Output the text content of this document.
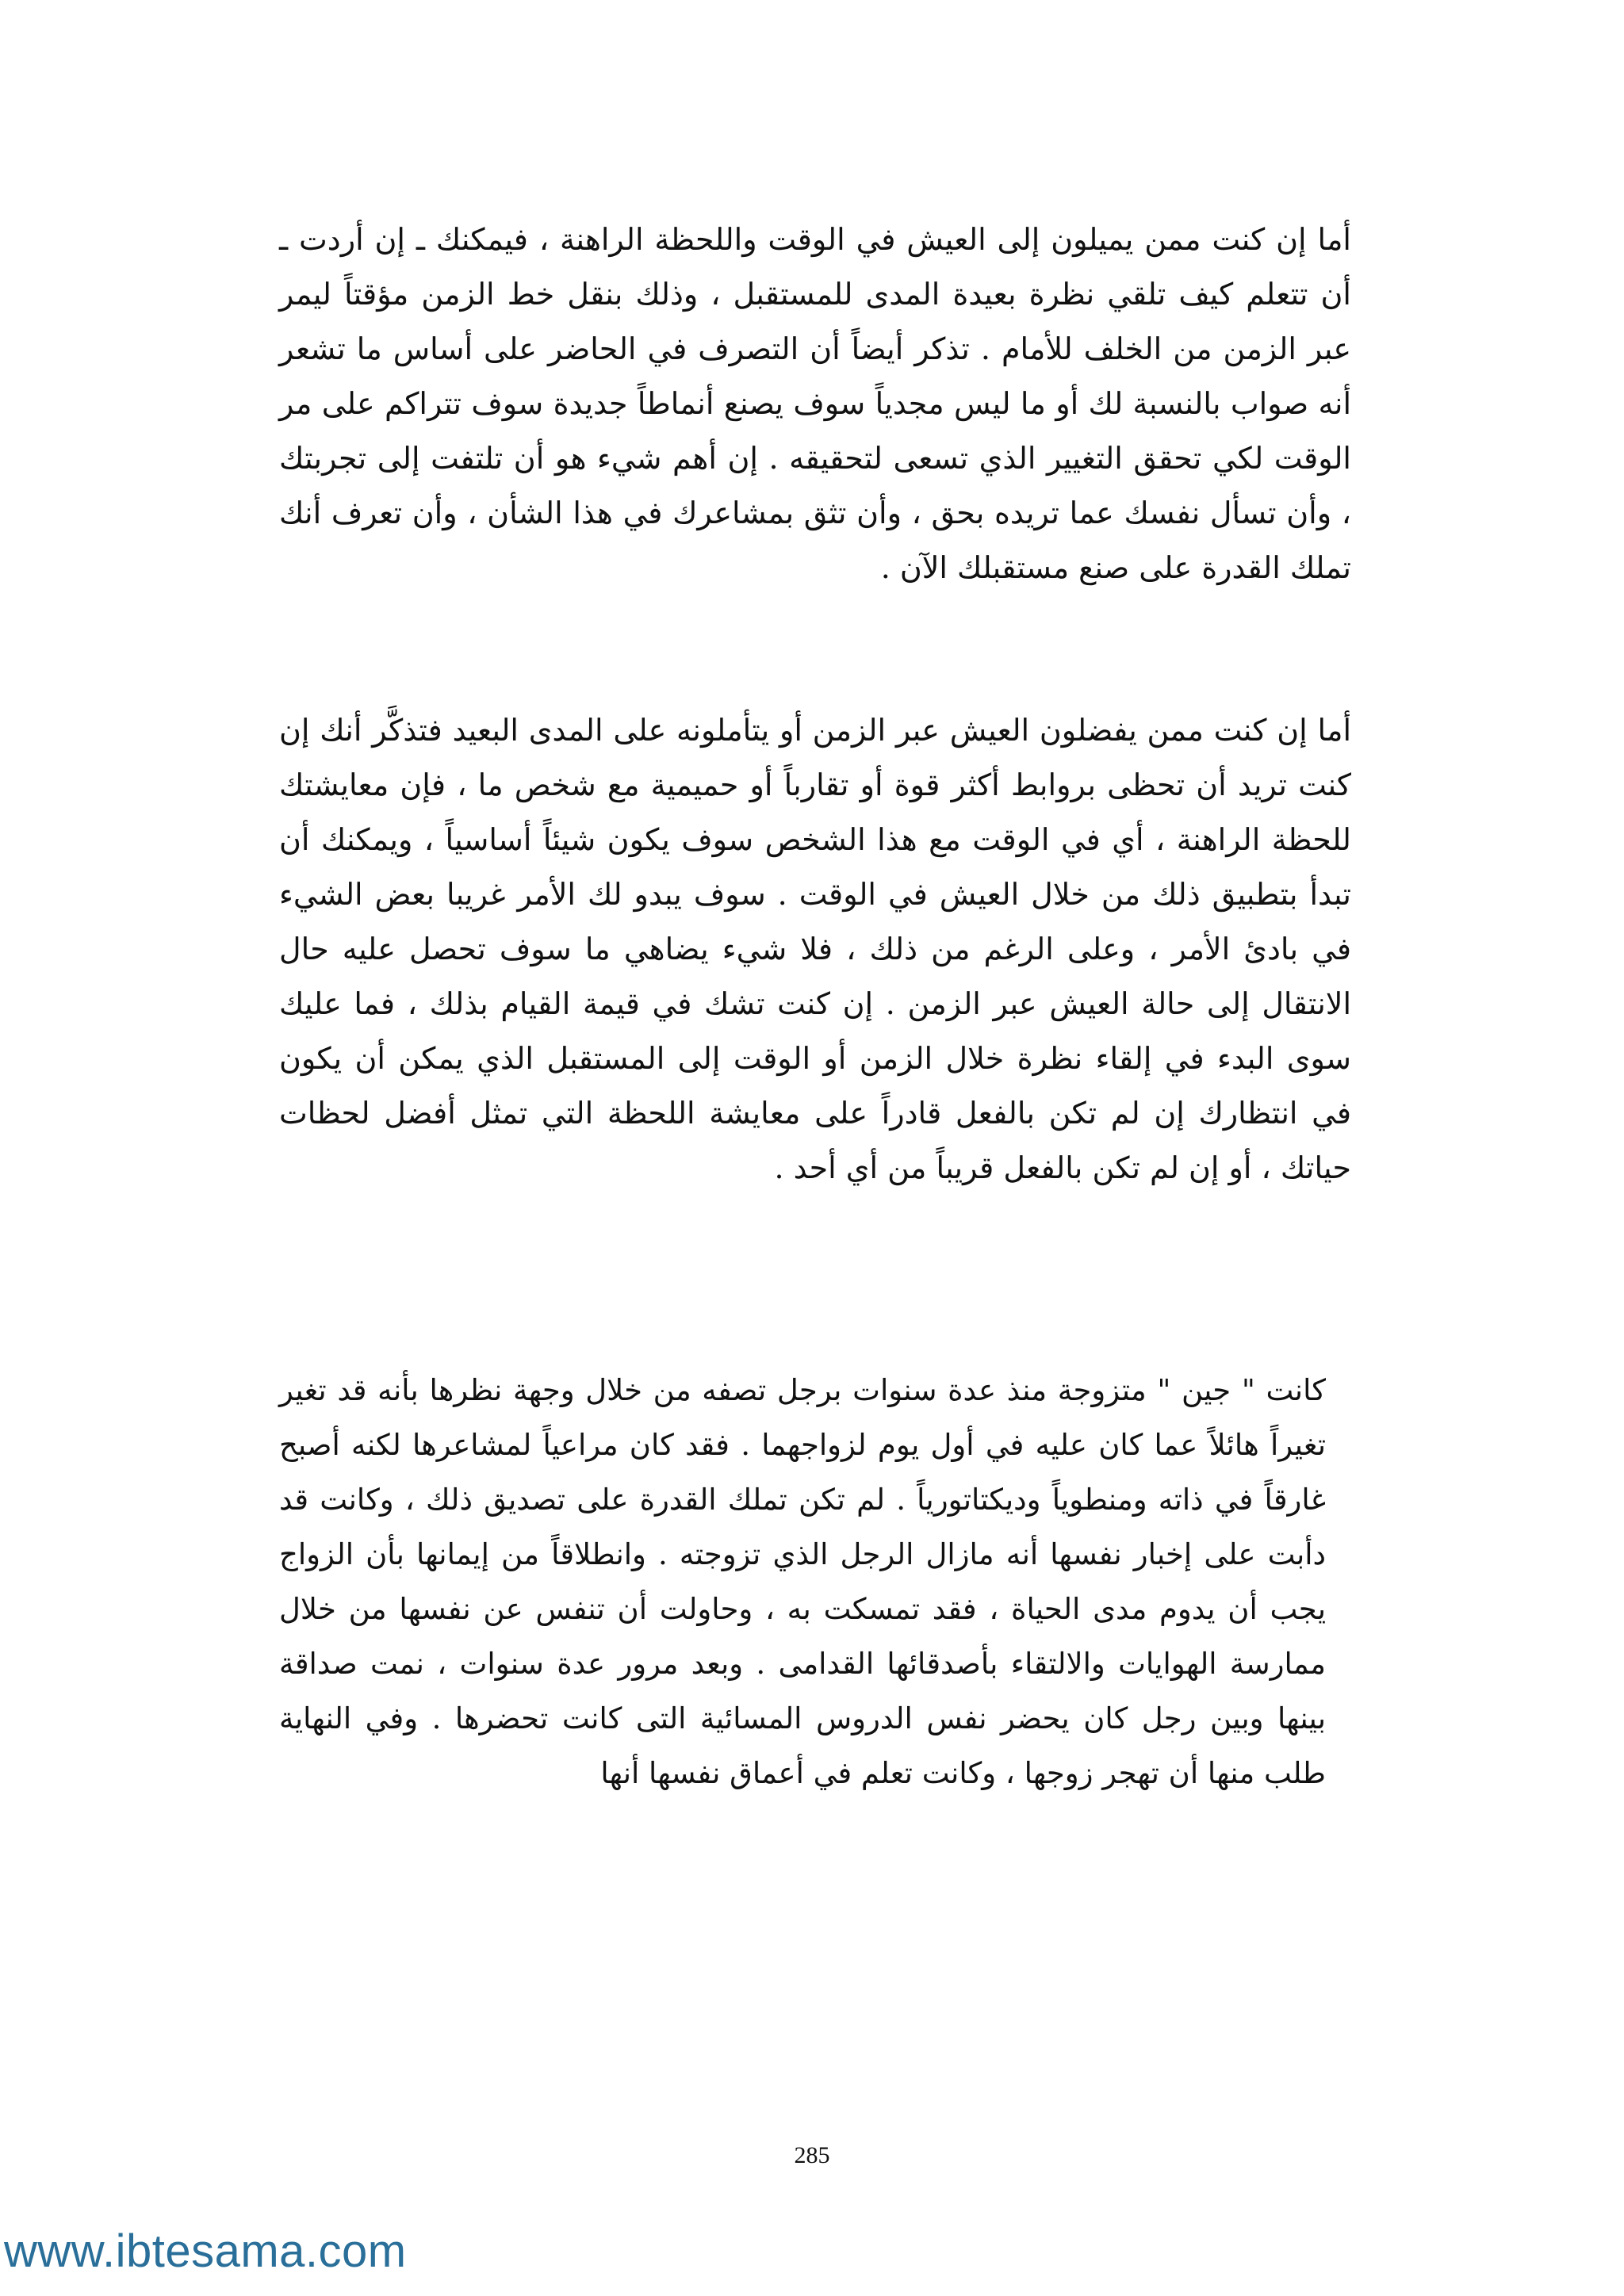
أما إن كنت ممن يميلون إلى العيش في الوقت واللحظة الراهنة ، فيمكنك ـ إن أردت ـ أن تتعلم كيف تلقي نظرة بعيدة المدى للمستقبل ، وذلك بنقل خط الزمن مؤقتاً ليمر عبر الزمن من الخلف للأمام . تذكر أيضاً أن التصرف في الحاضر على أساس ما تشعر أنه صواب بالنسبة لك أو ما ليس مجدياً سوف يصنع أنماطاً جديدة سوف تتراكم على مر الوقت لكي تحقق التغيير الذي تسعى لتحقيقه . إن أهم شيء هو أن تلتفت إلى تجربتك ، وأن تسأل نفسك عما تريده بحق ، وأن تثق بمشاعرك في هذا الشأن ، وأن تعرف أنك تملك القدرة على صنع مستقبلك الآن .

أما إن كنت ممن يفضلون العيش عبر الزمن أو يتأملونه على المدى البعيد فتذكَّر أنك إن كنت تريد أن تحظى بروابط أكثر قوة أو تقارباً أو حميمية مع شخص ما ، فإن معايشتك للحظة الراهنة ، أي في الوقت مع هذا الشخص سوف يكون شيئاً أساسياً ، ويمكنك أن تبدأ بتطبيق ذلك من خلال العيش في الوقت . سوف يبدو لك الأمر غريبا بعض الشيء في بادئ الأمر ، وعلى الرغم من ذلك ، فلا شيء يضاهي ما سوف تحصل عليه حال الانتقال إلى حالة العيش عبر الزمن . إن كنت تشك في قيمة القيام بذلك ، فما عليك سوى البدء في إلقاء نظرة خلال الزمن أو الوقت إلى المستقبل الذي يمكن أن يكون في انتظارك إن لم تكن بالفعل قادراً على معايشة اللحظة التي تمثل أفضل لحظات حياتك ، أو إن لم تكن بالفعل قريباً من أي أحد .

كانت " جين " متزوجة منذ عدة سنوات برجل تصفه من خلال وجهة نظرها بأنه قد تغير تغيراً هائلاً عما كان عليه في أول يوم لزواجهما . فقد كان مراعياً لمشاعرها لكنه أصبح غارقاً في ذاته ومنطوياً وديكتاتورياً . لم تكن تملك القدرة على تصديق ذلك ، وكانت قد دأبت على إخبار نفسها أنه مازال الرجل الذي تزوجته . وانطلاقاً من إيمانها بأن الزواج يجب أن يدوم مدى الحياة ، فقد تمسكت به ، وحاولت أن تنفس عن نفسها من خلال ممارسة الهوايات والالتقاء بأصدقائها القدامى . وبعد مرور عدة سنوات ، نمت صداقة بينها وبين رجل كان يحضر نفس الدروس المسائية التى كانت تحضرها . وفي النهاية طلب منها أن تهجر زوجها ، وكانت تعلم في أعماق نفسها أنها

285
www.ibtesama.com
